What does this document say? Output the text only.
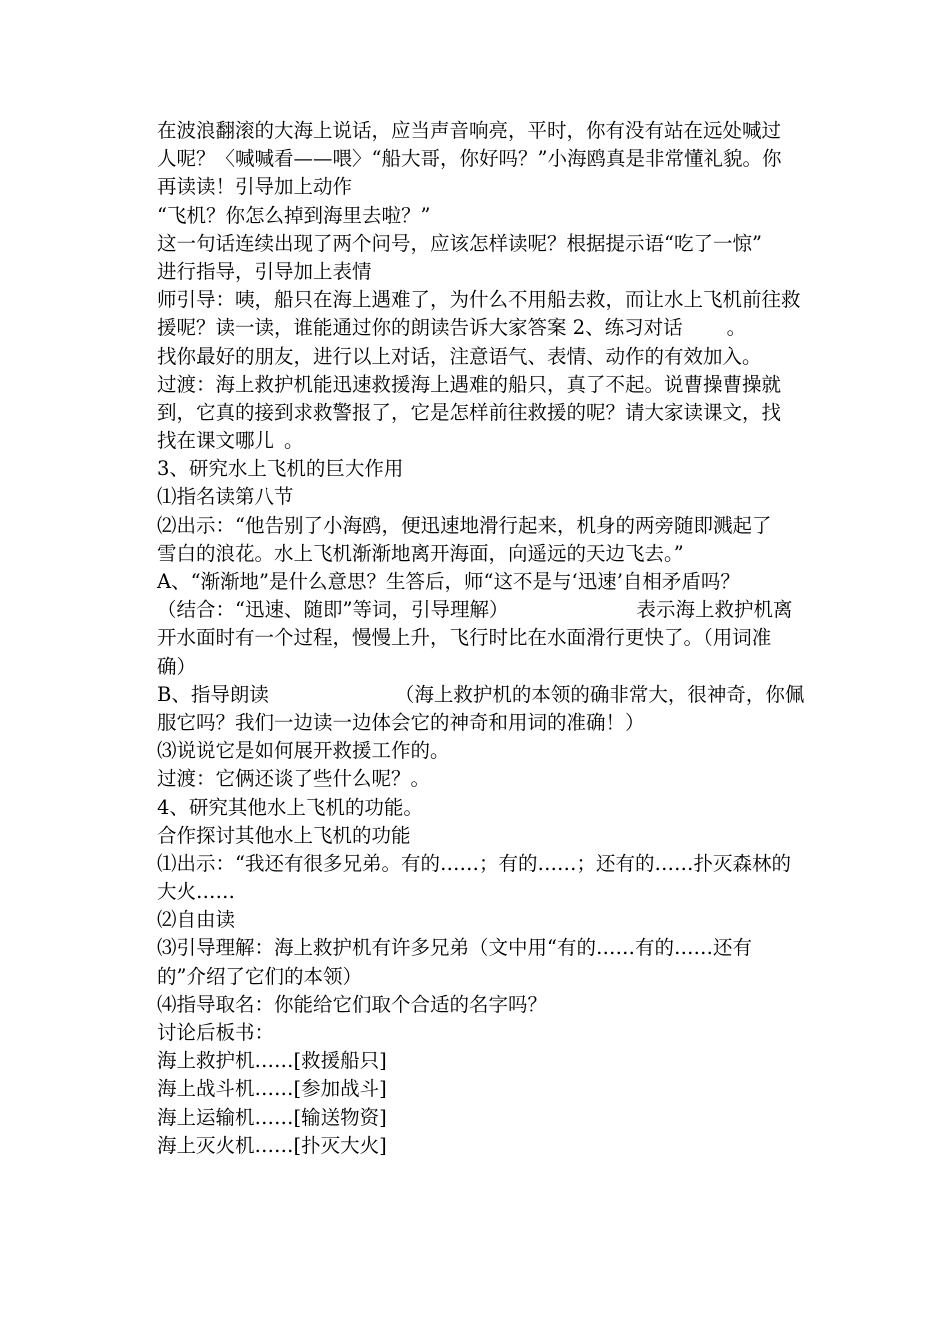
在波浪翻滚的大海上说话，应当声音响亮，平时，你有没有站在远处喊过
人呢？〈喊喊看——喂〉“船大哥，你好吗？”小海鸥真是非常懂礼貌。你
再读读！引导加上动作
“飞机？你怎么掉到海里去啦？”
这一句话连续出现了两个问号，应该怎样读呢？根据提示语“吃了一惊”
进行指导，引导加上表情
师引导：咦，船只在海上遇难了，为什么不用船去救，而让水上飞机前往救
援呢？读一读，谁能通过你的朗读告诉大家答案 2、练习对话 。
找你最好的朋友，进行以上对话，注意语气、表情、动作的有效加入。
过渡：海上救护机能迅速救援海上遇难的船只，真了不起。说曹操曹操就
到，它真的接到求救警报了，它是怎样前往救援的呢？请大家读课文，找
找在课文哪儿 。
3、研究水上飞机的巨大作用
⑴指名读第八节
⑵出示：“他告别了小海鸥，便迅速地滑行起来，机身的两旁随即溅起了
雪白的浪花。水上飞机渐渐地离开海面，向遥远的天边飞去。”
A、“渐渐地”是什么意思？生答后，师“这不是与‘迅速’自相矛盾吗？
（结合：“迅速、随即”等词，引导理解）	表示海上救护机离
开水面时有一个过程，慢慢上升，飞行时比在水面滑行更快了。（用词准
确）
B、指导朗读	（海上救护机的本领的确非常大，很神奇，你佩
服它吗？我们一边读一边体会它的神奇和用词的准确！）
⑶说说它是如何展开救援工作的。
过渡：它俩还谈了些什么呢？。
4、研究其他水上飞机的功能。
合作探讨其他水上飞机的功能
⑴出示：“我还有很多兄弟。有的……；有的……；还有的……扑灭森林的
大火……
⑵自由读
⑶引导理解：海上救护机有许多兄弟（文中用“有的……有的……还有
的”介绍了它们的本领）
⑷指导取名：你能给它们取个合适的名字吗？
讨论后板书：
海上救护机……[救援船只]
海上战斗机……[参加战斗]
海上运输机……[输送物资]
海上灭火机……[扑灭大火]
